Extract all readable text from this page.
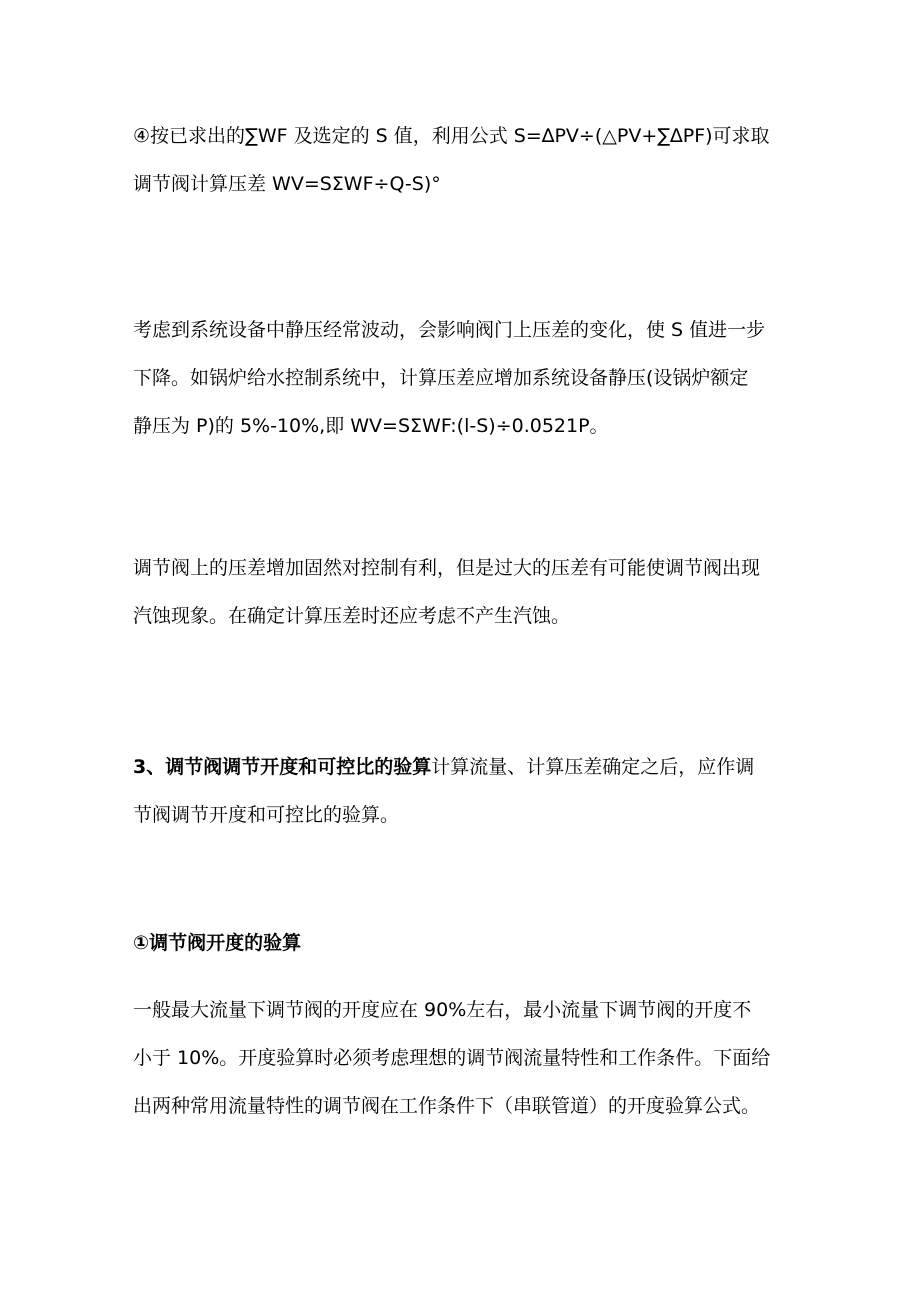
④按已求出的∑WF 及选定的 S 值，利用公式 S=∆PV÷(△PV+∑∆PF)可求取
调节阀计算压差 WV=SΣWF÷Q-S)°
考虑到系统设备中静压经常波动，会影响阀门上压差的变化，使 S 值进一步
下降。如锅炉给水控制系统中，计算压差应增加系统设备静压(设锅炉额定
静压为 P)的 5%-10%,即 WV=SΣWF:(l-S)÷0.0521P。
调节阀上的压差增加固然对控制有利，但是过大的压差有可能使调节阀出现
汽蚀现象。在确定计算压差时还应考虑不产生汽蚀。
3、调节阀调节开度和可控比的验算计算流量、计算压差确定之后，应作调
节阀调节开度和可控比的验算。
①调节阀开度的验算
一般最大流量下调节阀的开度应在 90%左右，最小流量下调节阀的开度不
小于 10%。开度验算时必须考虑理想的调节阀流量特性和工作条件。下面给
出两种常用流量特性的调节阀在工作条件下（串联管道）的开度验算公式。
